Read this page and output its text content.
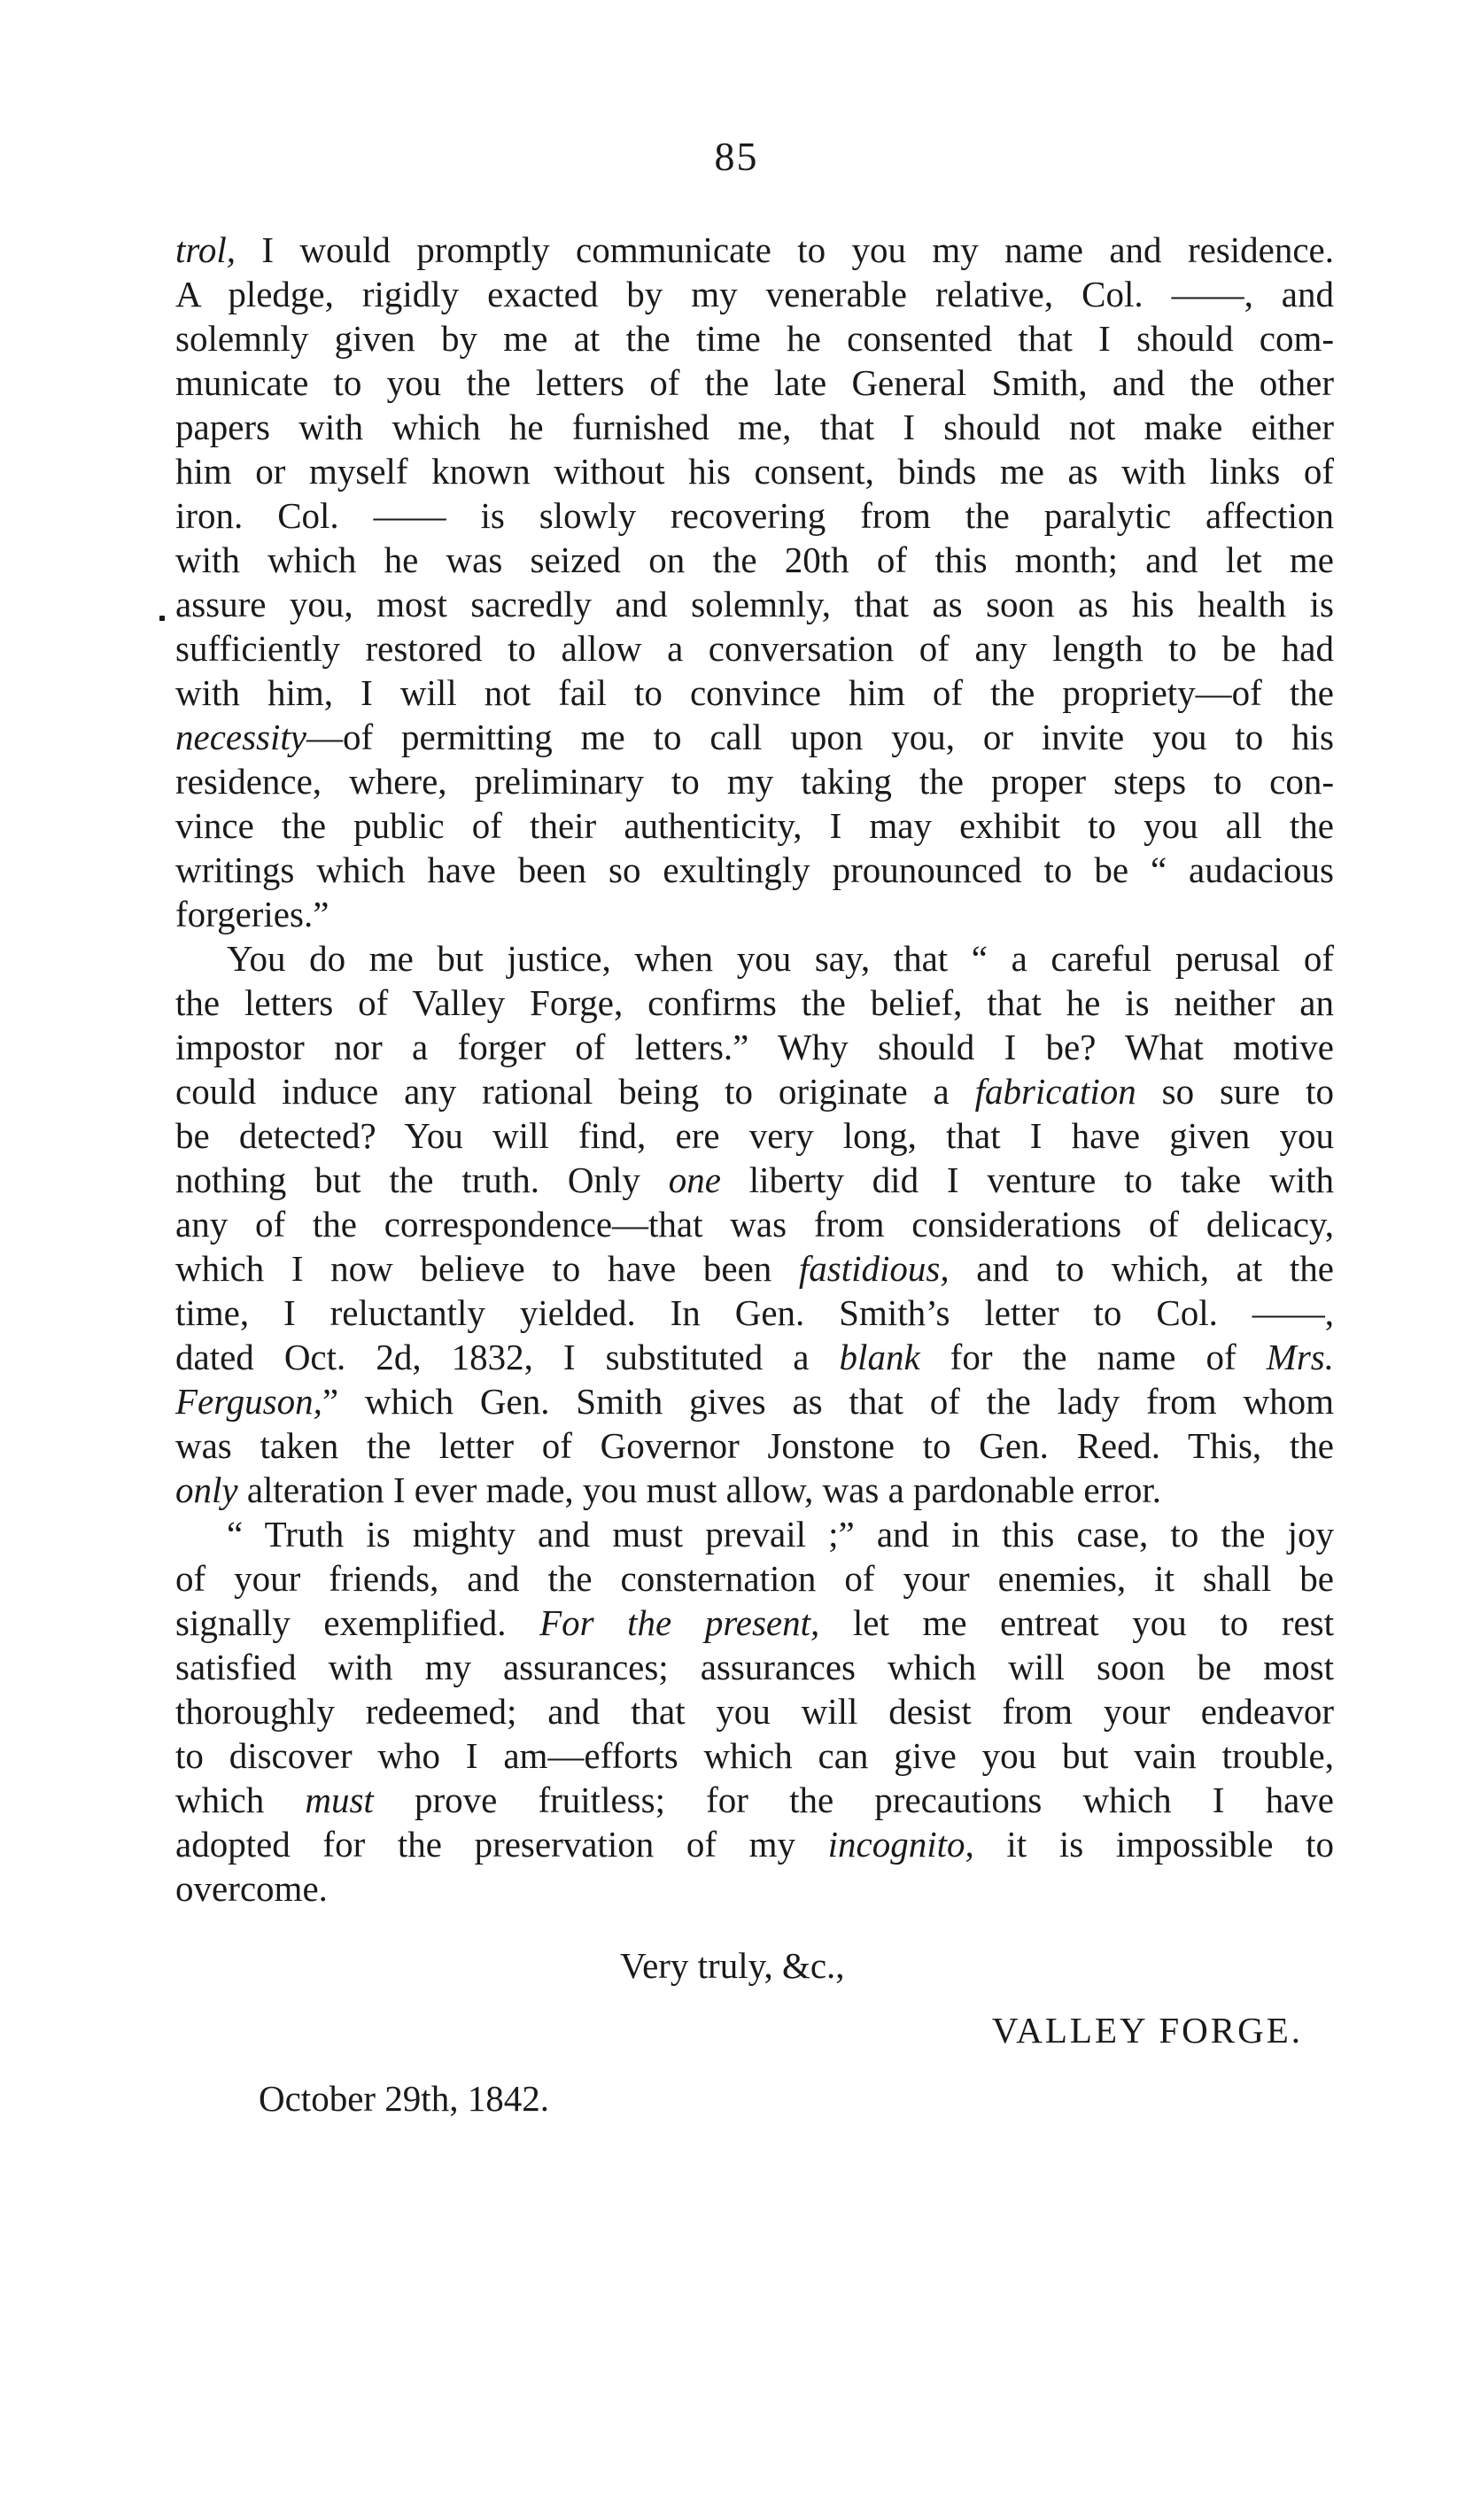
85
trol, I would promptly communicate to you my name and residence.
A pledge, rigidly exacted by my venerable relative, Col. ——, and
solemnly given by me at the time he consented that I should com-
municate to you the letters of the late General Smith, and the other
papers with which he furnished me, that I should not make either
him or myself known without his consent, binds me as with links of
iron. Col. —— is slowly recovering from the paralytic affection
with which he was seized on the 20th of this month; and let me
assure you, most sacredly and solemnly, that as soon as his health is
sufficiently restored to allow a conversation of any length to be had
with him, I will not fail to convince him of the propriety—of the
necessity—of permitting me to call upon you, or invite you to his
residence, where, preliminary to my taking the proper steps to con-
vince the public of their authenticity, I may exhibit to you all the
writings which have been so exultingly prounounced to be “ audacious
forgeries.”
You do me but justice, when you say, that “ a careful perusal of
the letters of Valley Forge, confirms the belief, that he is neither an
impostor nor a forger of letters.” Why should I be? What motive
could induce any rational being to originate a fabrication so sure to
be detected? You will find, ere very long, that I have given you
nothing but the truth. Only one liberty did I venture to take with
any of the correspondence—that was from considerations of delicacy,
which I now believe to have been fastidious, and to which, at the
time, I reluctantly yielded. In Gen. Smith’s letter to Col. ——,
dated Oct. 2d, 1832, I substituted a blank for the name of Mrs.
Ferguson,” which Gen. Smith gives as that of the lady from whom
was taken the letter of Governor Jonstone to Gen. Reed. This, the
only alteration I ever made, you must allow, was a pardonable error.
“ Truth is mighty and must prevail ;” and in this case, to the joy
of your friends, and the consternation of your enemies, it shall be
signally exemplified. For the present, let me entreat you to rest
satisfied with my assurances; assurances which will soon be most
thoroughly redeemed; and that you will desist from your endeavor
to discover who I am—efforts which can give you but vain trouble,
which must prove fruitless; for the precautions which I have
adopted for the preservation of my incognito, it is impossible to
overcome.
Very truly, &c.,
VALLEY FORGE.
October 29th, 1842.
